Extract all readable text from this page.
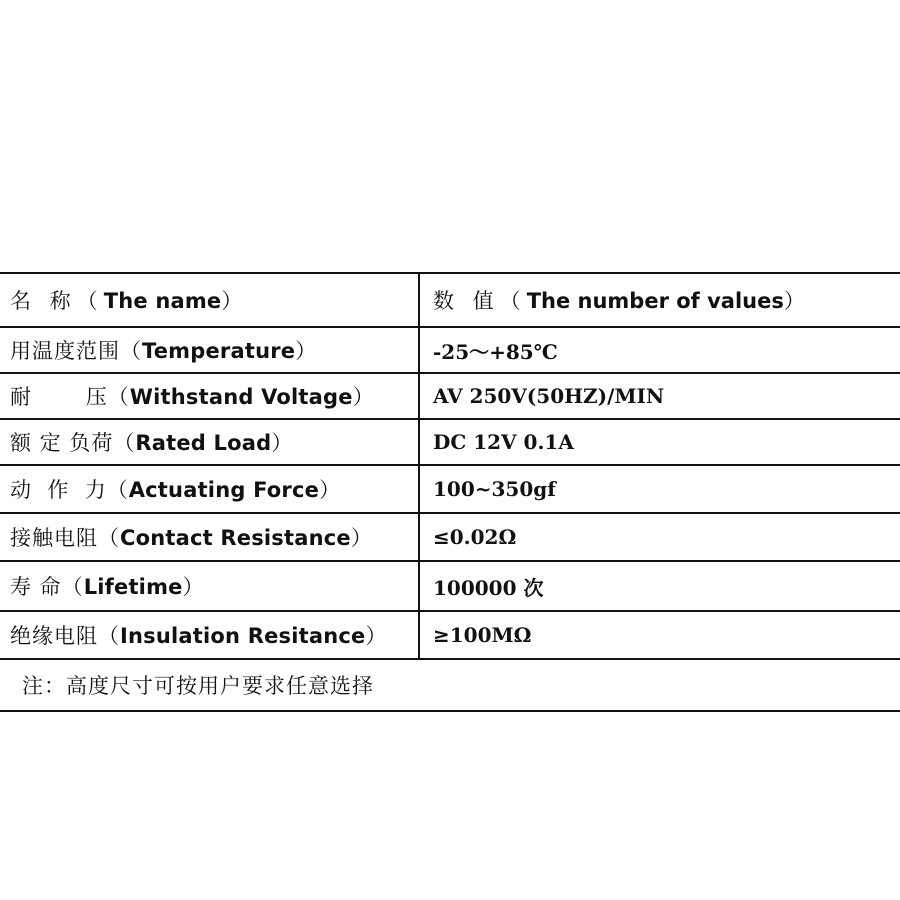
名 称（The name）	数 值（The number of values）
用温度范围（Temperature）	-25～+85℃
耐       压（Withstand Voltage）	AV 250V(50HZ)/MIN
额 定 负荷（Rated Load）	DC 12V 0.1A
动  作  力（Actuating Force）	100~350gf
接触电阻（Contact Resistance）	≤0.02Ω
寿 命（Lifetime）	100000 次
绝缘电阻（Insulation Resitance）	≥100MΩ
注：高度尺寸可按用户要求任意选择	
